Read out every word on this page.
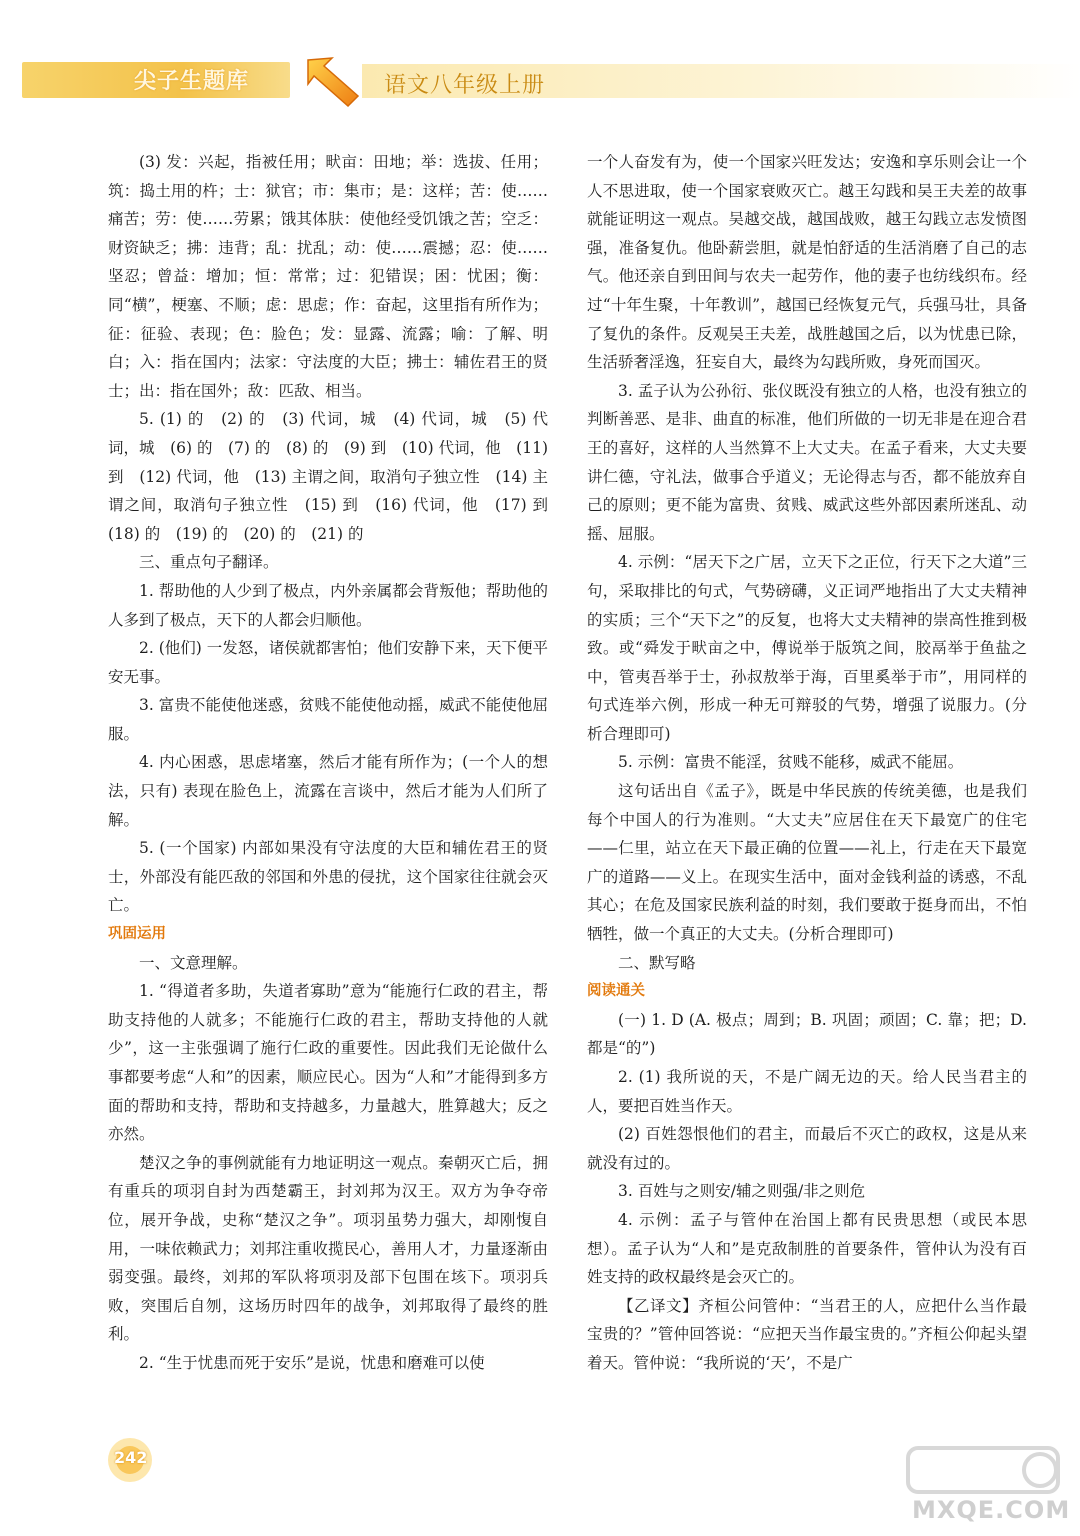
尖子生题库	语文八年级上册

(3) 发：兴起，指被任用；畎亩：田地；举：选拔、任用；筑：捣土用的杵；士：狱官；市：集市；是：这样；苦：使……痛苦；劳：使……劳累；饿其体肤：使他经受饥饿之苦；空乏：财资缺乏；拂：违背；乱：扰乱；动：使……震撼；忍：使……坚忍；曾益：增加；恒：常常；过：犯错误；困：忧困；衡：同“横”，梗塞、不顺；虑：思虑；作：奋起，这里指有所作为；征：征验、表现；色：脸色；发：显露、流露；喻：了解、明白；入：指在国内；法家：守法度的大臣；拂士：辅佐君王的贤士；出：指在国外；敌：匹敌、相当。

5. (1) 的　(2) 的　(3) 代词，城　(4) 代词，城　(5) 代词，城　(6) 的　(7) 的　(8) 的　(9) 到　(10) 代词，他　(11) 到　(12) 代词，他　(13) 主谓之间，取消句子独立性　(14) 主谓之间，取消句子独立性　(15) 到　(16) 代词，他　(17) 到　(18) 的　(19) 的　(20) 的　(21) 的

三、重点句子翻译。

1. 帮助他的人少到了极点，内外亲属都会背叛他；帮助他的人多到了极点，天下的人都会归顺他。

2. (他们) 一发怒，诸侯就都害怕；他们安静下来，天下便平安无事。

3. 富贵不能使他迷惑，贫贱不能使他动摇，威武不能使他屈服。

4. 内心困惑，思虑堵塞，然后才能有所作为；(一个人的想法，只有) 表现在脸色上，流露在言谈中，然后才能为人们所了解。

5. (一个国家) 内部如果没有守法度的大臣和辅佐君王的贤士，外部没有能匹敌的邻国和外患的侵扰，这个国家往往就会灭亡。

巩固运用

一、文意理解。

1. “得道者多助，失道者寡助”意为“能施行仁政的君主，帮助支持他的人就多；不能施行仁政的君主，帮助支持他的人就少”，这一主张强调了施行仁政的重要性。因此我们无论做什么事都要考虑“人和”的因素，顺应民心。因为“人和”才能得到多方面的帮助和支持，帮助和支持越多，力量越大，胜算越大；反之亦然。

楚汉之争的事例就能有力地证明这一观点。秦朝灭亡后，拥有重兵的项羽自封为西楚霸王，封刘邦为汉王。双方为争夺帝位，展开争战，史称“楚汉之争”。项羽虽势力强大，却刚愎自用，一味依赖武力；刘邦注重收揽民心，善用人才，力量逐渐由弱变强。最终，刘邦的军队将项羽及部下包围在垓下。项羽兵败，突围后自刎，这场历时四年的战争，刘邦取得了最终的胜利。

2. “生于忧患而死于安乐”是说，忧患和磨难可以使

一个人奋发有为，使一个国家兴旺发达；安逸和享乐则会让一个人不思进取，使一个国家衰败灭亡。越王勾践和吴王夫差的故事就能证明这一观点。吴越交战，越国战败，越王勾践立志发愤图强，准备复仇。他卧薪尝胆，就是怕舒适的生活消磨了自己的志气。他还亲自到田间与农夫一起劳作，他的妻子也纺线织布。经过“十年生聚，十年教训”，越国已经恢复元气，兵强马壮，具备了复仇的条件。反观吴王夫差，战胜越国之后，以为忧患已除，生活骄奢淫逸，狂妄自大，最终为勾践所败，身死而国灭。

3. 孟子认为公孙衍、张仪既没有独立的人格，也没有独立的判断善恶、是非、曲直的标准，他们所做的一切无非是在迎合君王的喜好，这样的人当然算不上大丈夫。在孟子看来，大丈夫要讲仁德，守礼法，做事合乎道义；无论得志与否，都不能放弃自己的原则；更不能为富贵、贫贱、威武这些外部因素所迷乱、动摇、屈服。

4. 示例：“居天下之广居，立天下之正位，行天下之大道”三句，采取排比的句式，气势磅礴，义正词严地指出了大丈夫精神的实质；三个“天下之”的反复，也将大丈夫精神的崇高性推到极致。或“舜发于畎亩之中，傅说举于版筑之间，胶鬲举于鱼盐之中，管夷吾举于士，孙叔敖举于海，百里奚举于市”，用同样的句式连举六例，形成一种无可辩驳的气势，增强了说服力。(分析合理即可)

5. 示例：富贵不能淫，贫贱不能移，威武不能屈。

这句话出自《孟子》，既是中华民族的传统美德，也是我们每个中国人的行为准则。“大丈夫”应居住在天下最宽广的住宅——仁里，站立在天下最正确的位置——礼上，行走在天下最宽广的道路——义上。在现实生活中，面对金钱利益的诱惑，不乱其心；在危及国家民族利益的时刻，我们要敢于挺身而出，不怕牺牲，做一个真正的大丈夫。(分析合理即可)

二、默写略

阅读通关

(一) 1. D (A. 极点；周到；B. 巩固；顽固；C. 靠；把；D. 都是“的”)

2. (1) 我所说的天，不是广阔无边的天。给人民当君主的人，要把百姓当作天。

(2) 百姓怨恨他们的君主，而最后不灭亡的政权，这是从来就没有过的。

3. 百姓与之则安/辅之则强/非之则危

4. 示例：孟子与管仲在治国上都有民贵思想（或民本思想）。孟子认为“人和”是克敌制胜的首要条件，管仲认为没有百姓支持的政权最终是会灭亡的。

【乙译文】齐桓公问管仲：“当君王的人，应把什么当作最宝贵的？”管仲回答说：“应把天当作最宝贵的。”齐桓公仰起头望着天。管仲说：“我所说的‘天’，不是广

242
MXQE.COM
